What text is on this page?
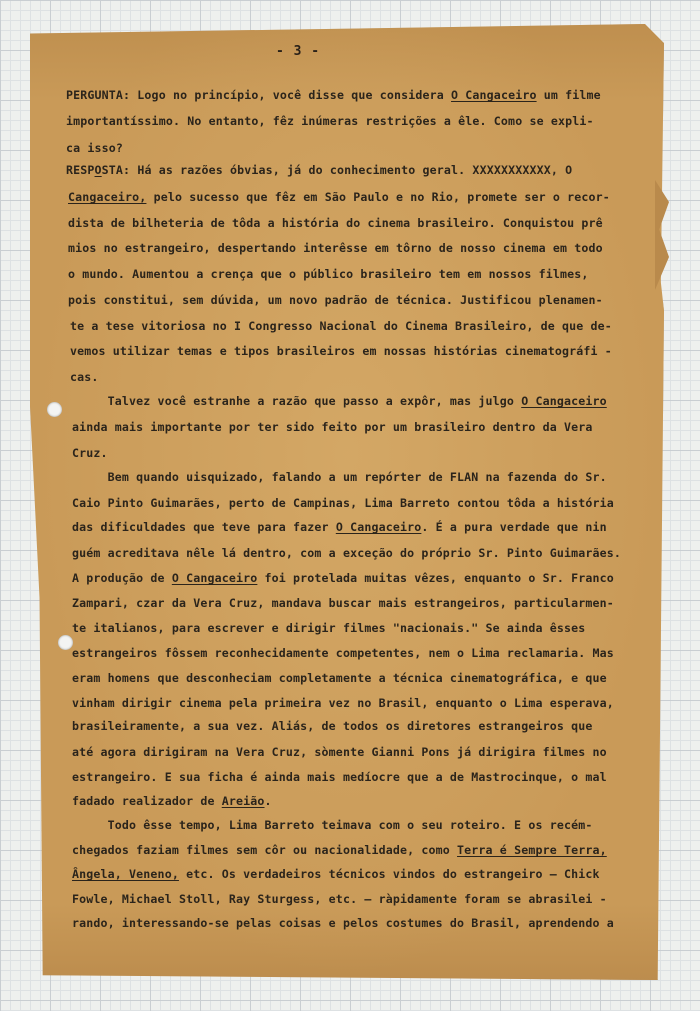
- 3 -
PERGUNTA: Logo no princípio, você disse que considera O Cangaceiro um filme
importantíssimo. No entanto, fêz inúmeras restrições a êle. Como se expli-
ca isso?
RESPOSTA: Há as razões óbvias, já do conhecimento geral. XXXXXXXXXXX, O
Cangaceiro, pelo sucesso que fêz em São Paulo e no Rio, promete ser o recor-
dista de bilheteria de tôda a história do cinema brasileiro. Conquistou prê
mios no estrangeiro, despertando interêsse em tôrno de nosso cinema em todo
o mundo. Aumentou a crença que o público brasileiro tem em nossos filmes,
pois constitui, sem dúvida, um novo padrão de técnica. Justificou plenamen-
te a tese vitoriosa no I Congresso Nacional do Cinema Brasileiro, de que de-
vemos utilizar temas e tipos brasileiros em nossas histórias cinematográfi -
cas.
Talvez você estranhe a razão que passo a expôr, mas julgo O Cangaceiro
ainda mais importante por ter sido feito por um brasileiro dentro da Vera
Cruz.
Bem quando uisquizado, falando a um repórter de FLAN na fazenda do Sr.
Caio Pinto Guimarães, perto de Campinas, Lima Barreto contou tôda a história
das dificuldades que teve para fazer O Cangaceiro. É a pura verdade que nin
guém acreditava nêle lá dentro, com a exceção do próprio Sr. Pinto Guimarães.
A produção de O Cangaceiro foi protelada muitas vêzes, enquanto o Sr. Franco
Zampari, czar da Vera Cruz, mandava buscar mais estrangeiros, particularmen-
te italianos, para escrever e dirigir filmes "nacionais." Se ainda êsses
estrangeiros fôssem reconhecidamente competentes, nem o Lima reclamaria. Mas
eram homens que desconheciam completamente a técnica cinematográfica, e que
vinham dirigir cinema pela primeira vez no Brasil, enquanto o Lima esperava,
brasileiramente, a sua vez. Aliás, de todos os diretores estrangeiros que
até agora dirigiram na Vera Cruz, sòmente Gianni Pons já dirigira filmes no
estrangeiro. E sua ficha é ainda mais medíocre que a de Mastrocinque, o mal
fadado realizador de Areião.
Todo êsse tempo, Lima Barreto teimava com o seu roteiro. E os recém-
chegados faziam filmes sem côr ou nacionalidade, como Terra é Sempre Terra,
Ângela, Veneno, etc. Os verdadeiros técnicos vindos do estrangeiro — Chick
Fowle, Michael Stoll, Ray Sturgess, etc. — ràpidamente foram se abrasilei -
rando, interessando-se pelas coisas e pelos costumes do Brasil, aprendendo a
